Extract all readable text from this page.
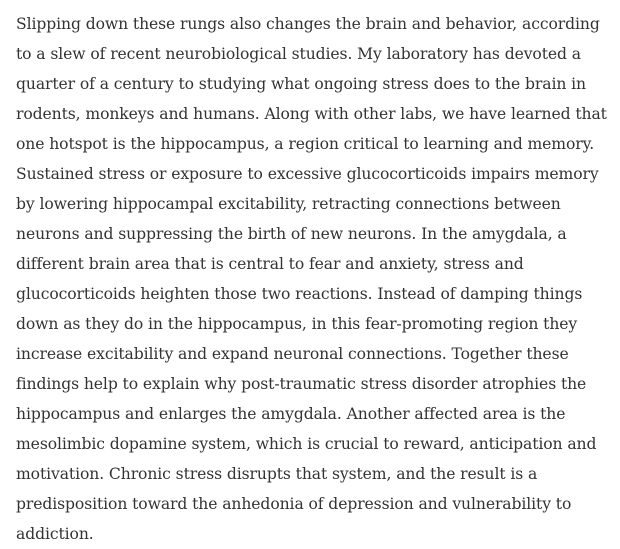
Slipping down these rungs also changes the brain and behavior, according to a slew of recent neurobiological studies. My laboratory has devoted a quarter of a century to studying what ongoing stress does to the brain in rodents, monkeys and humans. Along with other labs, we have learned that one hotspot is the hippocampus, a region critical to learning and memory. Sustained stress or exposure to excessive glucocorticoids impairs memory by lowering hippocampal excitability, retracting connections between neurons and suppressing the birth of new neurons. In the amygdala, a different brain area that is central to fear and anxiety, stress and glucocorticoids heighten those two reactions. Instead of damping things down as they do in the hippocampus, in this fear-promoting region they increase excitability and expand neuronal connections. Together these findings help to explain why post-traumatic stress disorder atrophies the hippocampus and enlarges the amygdala. Another affected area is the mesolimbic dopamine system, which is crucial to reward, anticipation and motivation. Chronic stress disrupts that system, and the result is a predisposition toward the anhedonia of depression and vulnerability to addiction.
